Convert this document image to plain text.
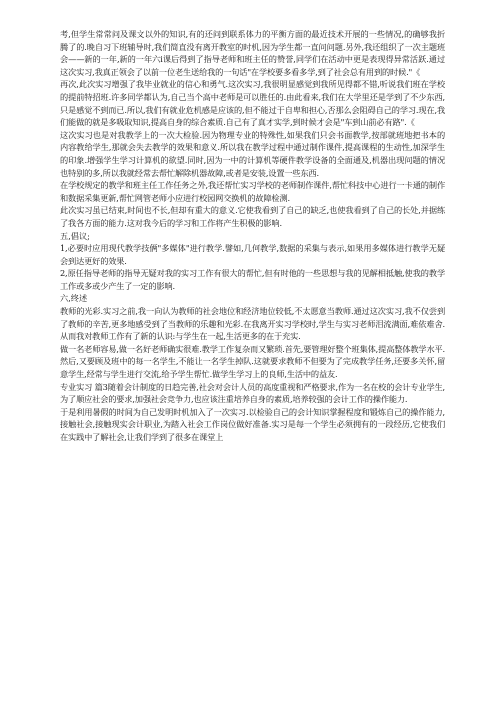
考,但学生常常问及课文以外的知识,有的还问到联系体力的平衡方面的最近技术开展的一些情况,的确够我折腾了的.晚自习下班辅导时,我们简直没有离开教室的时机,因为学生都一直问问题.另外,我还组织了一次主题班会——新的一年,新的一年六i课后得到了指导老师和班主任的赞誉,同学们在活动中更是表现得异常活跃.通过这次实习,我真正领会了以前一位老生送给我的一句话"在学校要多看多学,到了社会总有用到的时候."《

再次,此次实习增强了我毕业就业的信心和勇气.这次实习,我很明显感觉到我所见得都不错,听说我们班在学校的提前特招班.许多同学都认为,自己当个高中老师是可以胜任的.由此看来,我们在大学里还是学到了不少东西,只是感觉不到而已.所以,我们有就业危机感是应该的,但不能过于自卑和担心,否那么会阻碍自己的学习.现在,我们能做的就是多吸取知识,提高自身的综合素质.自己有了真才实学,到时候才会是"车到山前必有路".《

这次实习也是对我教学上的一次大检验.因为物理专业的特殊性,如果我们只会书面教学,按部就班地把书本的内容教给学生,那就会失去教学的效果和意义.所以我在教学过程中通过制作课件,提高课程的生动性,加深学生的印象.增强学生学习计算机的欲望.同时,因为一中的计算机等硬件教学设备的全面通及,机器出现问题的情况也特别的多,所以我就经常去帮忙解除机器故障,或者是安装,设置一些东西.

在学校规定的教学和班主任工作任务之外,我还帮忙实习学校的老师制作课件,帮忙科技中心进行一卡通的制作和数据采集更新,帮忙网管老师小应进行校园网交换机的故障检测.

此次实习虽已结束,时间也不长,但却有重大的意义.它使我看到了自己的缺乏,也使我看到了自己的长处,并据练了我各方面的能力.这对我今后的学习和工作将产生积极的影响.

五,倡议;

1,必要时应用现代教学技俩"多媒体"进行教学.譬如,几何教学,数据的采集与表示,如果用多媒体进行教学无疑会到达更好的效果.

2,原任指导老师的指导无疑对我的实习工作有很大的帮忙,但有时他的一些思想与我的见解相抵触,使我的教学工作或多或少产生了一定的影响.

六,终述

教师的光彩.实习之前,我一向认为教师的社会地位和经济地位较低,不太愿意当教师.通过这次实习,我不仅尝到了教师的辛苦,更多地感受到了当教师的乐趣和光彩.在我离开实习学校时,学生与实习老师泪流满面,难依难舍.从而我对教师工作有了新的认识:与学生在一起,生活更多的在于充实.

做一名老师容易,做一名好老师确实很难.教学工作复杂而又繁琐.首先,要管理好整个班集体,提高整体教学水平.然后,又要顾及班中的每一名学生,不能让一名学生掉队.这就要求教师不但要为了完成教学任务,还要多关怀,留意学生,经常与学生进行交流,给予学生帮忙.做学生学习上的良师,生活中的益友.

专业实习 篇3随着会计制度的日趋完善,社会对会计人员的高度重视和严格要求,作为一名在校的会计专业学生,为了顺应社会的要求,加强社会竞争力,也应该注重培养自身的素质,培养较强的会计工作的操作能力.

于是利用暑假的时间为自己发明时机加入了一次实习.以检验自己的会计知识掌握程度和锻炼自己的操作能力,接触社会,接触现实会计职业,为踏入社会工作岗位做好准备.实习是每一个学生必须拥有的一段经历,它使我们在实践中了解社会,让我们学到了很多在课堂上
